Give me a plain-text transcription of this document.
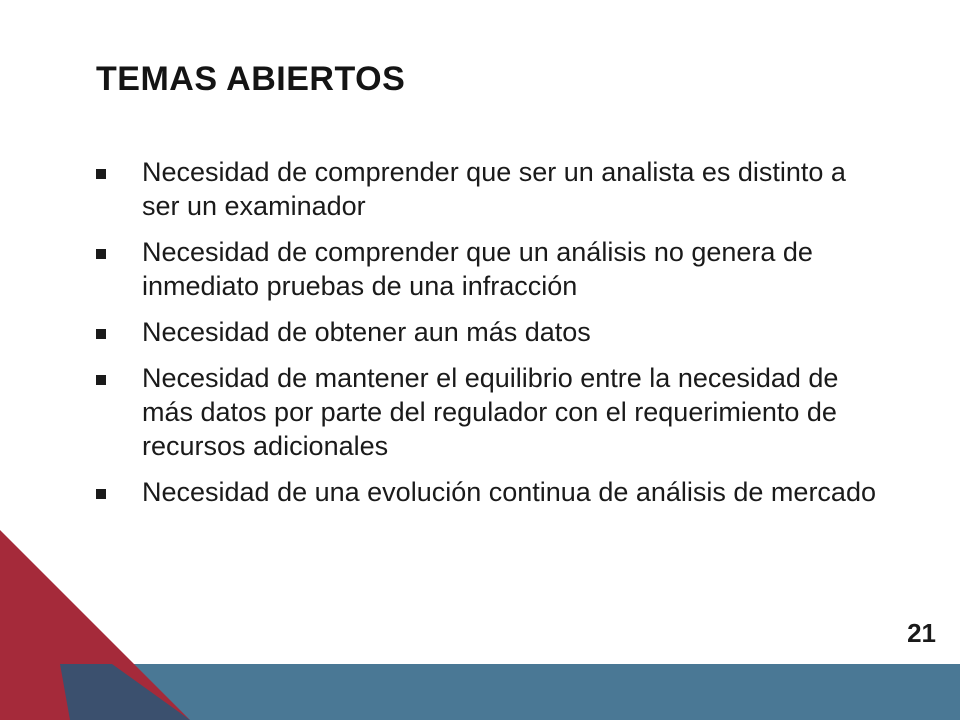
TEMAS ABIERTOS
Necesidad de comprender que ser un analista es distinto a ser un examinador
Necesidad de comprender que un análisis no genera de inmediato pruebas de una infracción
Necesidad de obtener aun más datos
Necesidad de mantener el equilibrio entre la necesidad de más datos por parte del regulador con el requerimiento de recursos adicionales
Necesidad de una evolución continua de análisis de mercado
21
